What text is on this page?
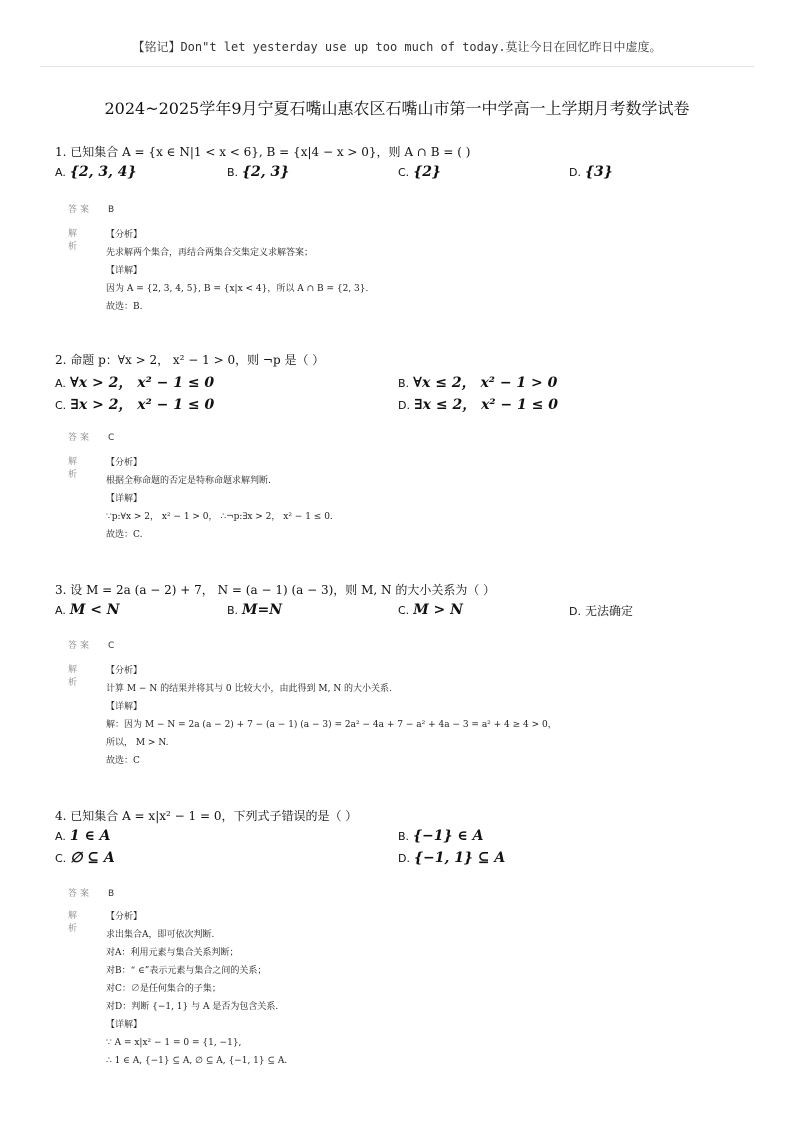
【铭记】Don"t let yesterday use up too much of today.莫让今日在回忆昨日中虚度。
2024~2025学年9月宁夏石嘴山惠农区石嘴山市第一中学高一上学期月考数学试卷
1. 已知集合 A = {x ∈ N|1 < x < 6}, B = {x|4 − x > 0}，则 A ∩ B = ( )
A. {2, 3, 4}	B. {2, 3}	C. {2}	D. {3}
答案 B
解析
【分析】
先求解两个集合，再结合两集合交集定义求解答案；
【详解】
因为 A = {2, 3, 4, 5}, B = {x|x < 4}，所以 A ∩ B = {2, 3}.
故选：B.
2. 命题 p：∀x > 2， x² − 1 > 0，则 ¬p 是（ ）
A. ∀x > 2， x² − 1 ≤ 0	B. ∀x ≤ 2， x² − 1 > 0
C. ∃x > 2， x² − 1 ≤ 0	D. ∃x ≤ 2， x² − 1 ≤ 0
答案 C
解析
【分析】
根据全称命题的否定是特称命题求解判断.
【详解】
∵p:∀x > 2， x² − 1 > 0， ∴¬p:∃x > 2， x² − 1 ≤ 0.
故选：C.
3. 设 M = 2a (a − 2) + 7， N = (a − 1) (a − 3)，则 M, N 的大小关系为（ ）
A. M < N	B. M=N	C. M > N	D. 无法确定
答案 C
解析
【分析】
计算 M − N 的结果并将其与 0 比较大小，由此得到 M, N 的大小关系.
【详解】
解：因为 M − N = 2a (a − 2) + 7 − (a − 1) (a − 3) = 2a² − 4a + 7 − a² + 4a − 3 = a² + 4 ≥ 4 > 0，
所以， M > N.
故选：C
4. 已知集合 A = x|x² − 1 = 0，下列式子错误的是（ ）
A. 1 ∈ A	B. {−1} ∈ A
C. ∅ ⊆ A	D. {−1, 1} ⊆ A
答案 B
解析
【分析】
求出集合A，即可依次判断.
对A：利用元素与集合关系判断；
对B：“ ∈”表示元素与集合之间的关系；
对C：∅是任何集合的子集；
对D：判断 {−1, 1} 与 A 是否为包含关系.
【详解】
∵ A = x|x² − 1 = 0 = {1, −1},
∴ 1 ∈ A, {−1} ⊆ A, ∅ ⊆ A, {−1, 1} ⊆ A.
